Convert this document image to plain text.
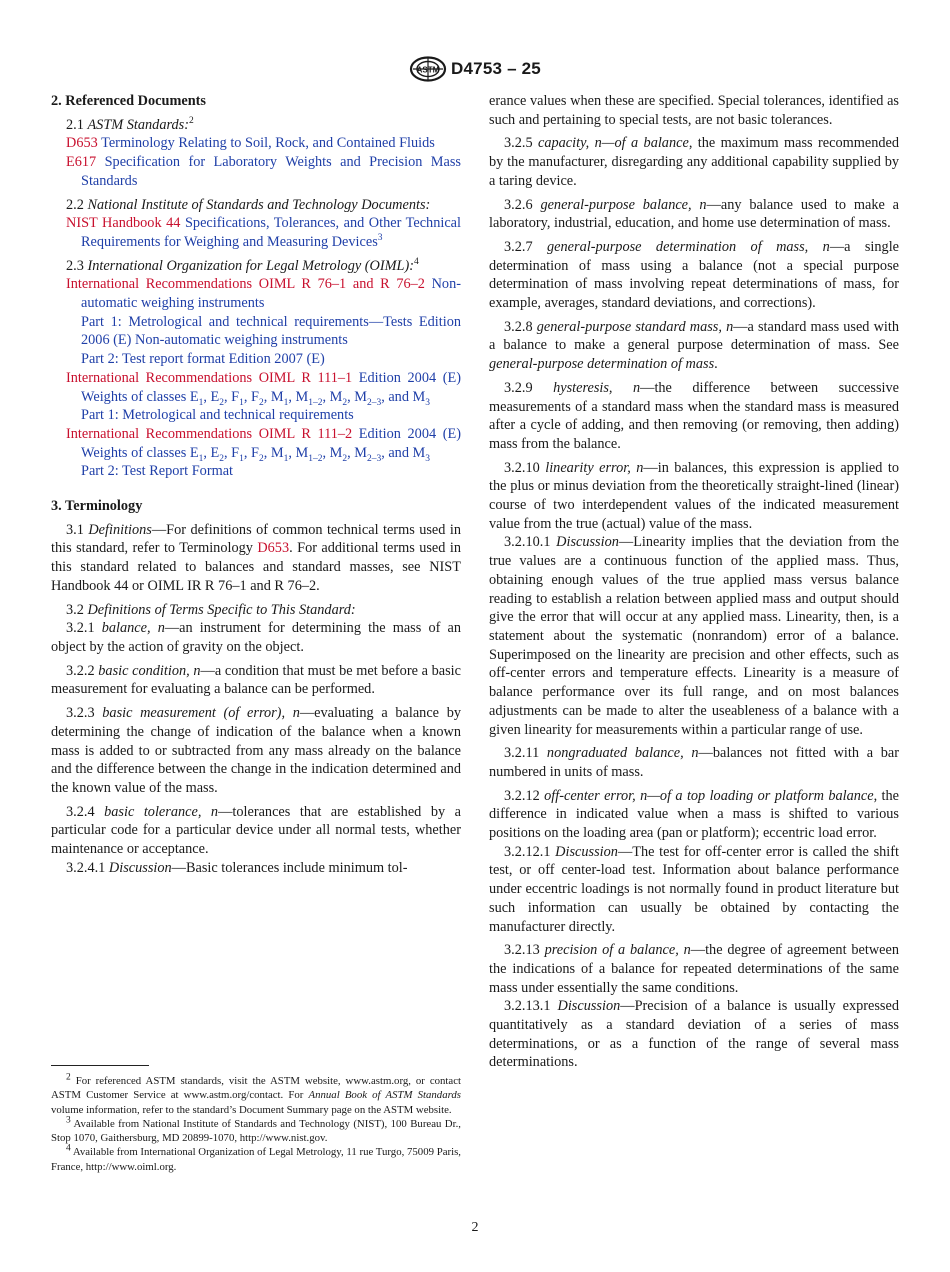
ASTM D4753 – 25

2. Referenced Documents

2.1 ASTM Standards:$^2$

D653 Terminology Relating to Soil, Rock, and Contained Fluids

E617 Specification for Laboratory Weights and Precision Mass Standards

2.2 National Institute of Standards and Technology Documents:

NIST Handbook 44 Specifications, Tolerances, and Other Technical Requirements for Weighing and Measuring Devices$^3$

2.3 International Organization for Legal Metrology (OIML):$^4$

International Recommendations OIML R 76–1 and R 76–2 Non-automatic weighing instruments

Part 1: Metrological and technical requirements—Tests Edition 2006 (E) Non-automatic weighing instruments

Part 2: Test report format Edition 2007 (E)

International Recommendations OIML R 111–1 Edition 2004 (E) Weights of classes $E_1$, $E_2$, $F_1$, $F_2$, $M_1$, $M_{1-2}$, $M_2$, $M_{2-3}$, and $M_3$

Part 1: Metrological and technical requirements

International Recommendations OIML R 111–2 Edition 2004 (E) Weights of classes $E_1$, $E_2$, $F_1$, $F_2$, $M_1$, $M_{1-2}$, $M_2$, $M_{2-3}$, and $M_3$

Part 2: Test Report Format

3. Terminology

3.1 Definitions—For definitions of common technical terms used in this standard, refer to Terminology D653. For additional terms used in this standard related to balances and standard masses, see NIST Handbook 44 or OIML IR R 76–1 and R 76–2.

3.2 Definitions of Terms Specific to This Standard:

3.2.1 balance, n—an instrument for determining the mass of an object by the action of gravity on the object.

3.2.2 basic condition, n—a condition that must be met before a basic measurement for evaluating a balance can be performed.

3.2.3 basic measurement (of error), n—evaluating a balance by determining the change of indication of the balance when a known mass is added to or subtracted from any mass already on the balance and the difference between the change in the indication determined and the known value of the mass.

3.2.4 basic tolerance, n—tolerances that are established by a particular code for a particular device under all normal tests, whether maintenance or acceptance.

3.2.4.1 Discussion—Basic tolerances include minimum tol-

erance values when these are specified. Special tolerances, identified as such and pertaining to special tests, are not basic tolerances.

3.2.5 capacity, n—of a balance, the maximum mass recommended by the manufacturer, disregarding any additional capability supplied by a taring device.

3.2.6 general-purpose balance, n—any balance used to make a laboratory, industrial, education, and home use determination of mass.

3.2.7 general-purpose determination of mass, n—a single determination of mass using a balance (not a special purpose determination of mass involving repeat determinations of mass, for example, averages, standard deviations, and corrections).

3.2.8 general-purpose standard mass, n—a standard mass used with a balance to make a general purpose determination of mass. See general-purpose determination of mass.

3.2.9 hysteresis, n—the difference between successive measurements of a standard mass when the standard mass is measured after a cycle of adding, and then removing (or removing, then adding) mass from the balance.

3.2.10 linearity error, n—in balances, this expression is applied to the plus or minus deviation from the theoretically straight-lined (linear) course of two interdependent values of the indicated measurement value from the true (actual) value of the mass.

3.2.10.1 Discussion—Linearity implies that the deviation from the true values are a continuous function of the applied mass. Thus, obtaining enough values of the true applied mass versus balance reading to establish a relation between applied mass and output should give the error that will occur at any applied mass. Linearity, then, is a statement about the systematic (nonrandom) error of a balance. Superimposed on the linearity are precision and other effects, such as off-center errors and temperature effects. Linearity is a measure of balance performance over its full range, and on most balances adjustments can be made to alter the useableness of a balance with a given linearity for measurements within a particular range of use.

3.2.11 nongraduated balance, n—balances not fitted with a bar numbered in units of mass.

3.2.12 off-center error, n—of a top loading or platform balance, the difference in indicated value when a mass is shifted to various positions on the loading area (pan or platform); eccentric load error.

3.2.12.1 Discussion—The test for off-center error is called the shift test, or off center-load test. Information about balance performance under eccentric loadings is not normally found in product literature but such information can usually be obtained by contacting the manufacturer directly.

3.2.13 precision of a balance, n—the degree of agreement between the indications of a balance for repeated determinations of the same mass under essentially the same conditions.

3.2.13.1 Discussion—Precision of a balance is usually expressed quantitatively as a standard deviation of a series of mass determinations, or as a function of the range of several mass determinations.

$^2$ For referenced ASTM standards, visit the ASTM website, www.astm.org, or contact ASTM Customer Service at www.astm.org/contact. For Annual Book of ASTM Standards volume information, refer to the standard’s Document Summary page on the ASTM website.

$^3$ Available from National Institute of Standards and Technology (NIST), 100 Bureau Dr., Stop 1070, Gaithersburg, MD 20899-1070, http://www.nist.gov.

$^4$ Available from International Organization of Legal Metrology, 11 rue Turgo, 75009 Paris, France, http://www.oiml.org.

2
